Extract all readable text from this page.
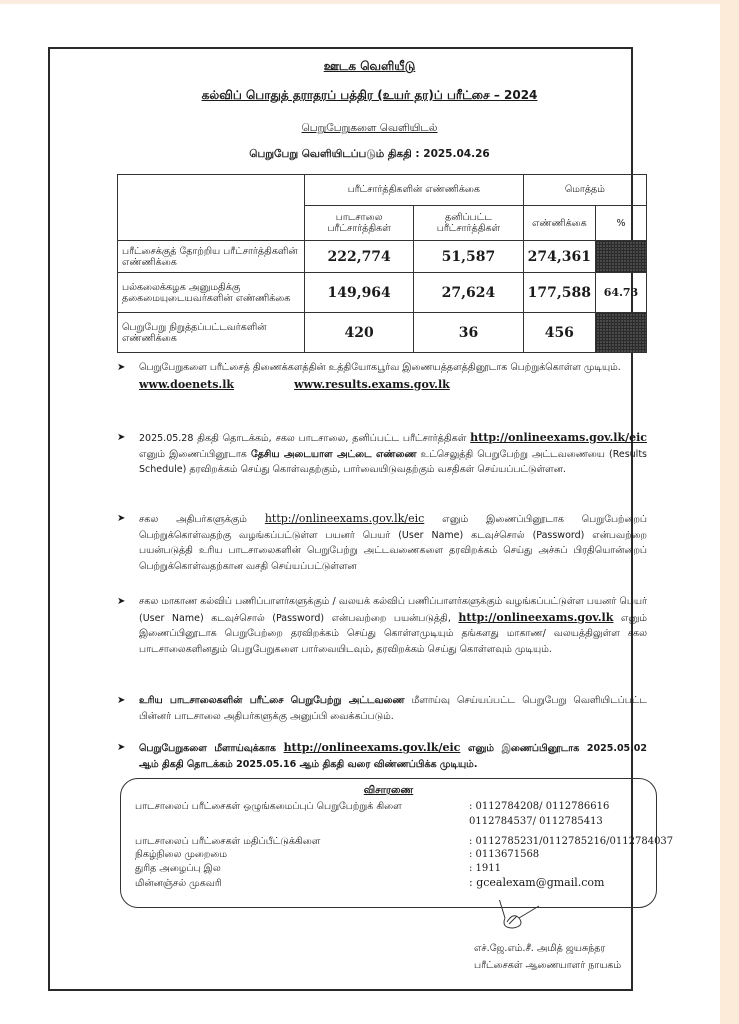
ஊடக வெளியீடு
கல்விப் பொதுத் தராதரப் பத்திர (உயர் தர)ப் பரீட்சை – 2024
பெறுபேறுகளை வெளியிடல்
பெறுபேறு வெளியிடப்படும் திகதி : 2025.04.26
	பரீட்சார்த்திகளின் எண்ணிக்கை		மொத்தம்	
	பாடசாலை பரீட்சார்த்திகள்	தனிப்பட்ட பரீட்சார்த்திகள்	எண்ணிக்கை	%
பரீட்சைக்குத் தோற்றிய பரீட்சார்த்திகளின் எண்ணிக்கை	222,774	51,587	274,361	
பல்கலைக்கழக அனுமதிக்கு தகைமையுடையவர்களின் எண்ணிக்கை	149,964	27,624	177,588	64.73
பெறுபேறு நிறுத்தப்பட்டவர்களின் எண்ணிக்கை	420	36	456	
➤ பெறுபேறுகளை பரீட்சைத் திணைக்களத்தின் உத்தியோகபூர்வ இணையத்தளத்தினூடாக பெற்றுக்கொள்ள முடியும்.
www.doenets.lk	www.results.exams.gov.lk
➤ 2025.05.28 திகதி தொடக்கம், சகல பாடசாலை, தனிப்பட்ட பரீட்சார்த்திகள் http://onlineexams.gov.lk/eic எனும் இணைப்பினூடாக தேசிய அடையாள அட்டை எண்ணை உட்செலுத்தி பெறுபேற்று அட்டவணையை (Results Schedule) தரவிறக்கம் செய்து கொள்வதற்கும், பார்வையிடுவதற்கும் வசதிகள் செய்யப்பட்டுள்ளன.
➤ சகல அதிபர்களுக்கும் http://onlineexams.gov.lk/eic எனும் இணைப்பினூடாக பெறுபேற்றைப் பெற்றுக்கொள்வதற்கு வழங்கப்பட்டுள்ள பயனர் பெயர் (User Name) கடவுச்சொல் (Password) என்பவற்றை பயன்படுத்தி உரிய பாடசாலைகளின் பெறுபேற்று அட்டவணைகளை தரவிறக்கம் செய்து அச்சுப் பிரதியொன்றைப் பெற்றுக்கொள்வதற்கான வசதி செய்யப்பட்டுள்ளன
➤ சகல மாகாண கல்விப் பணிப்பாளர்களுக்கும் / வலயக் கல்விப் பணிப்பாளர்களுக்கும் வழங்கப்பட்டுள்ள பயனர் பெயர் (User Name) கடவுச்சொல் (Password) என்பவற்றை பயன்படுத்தி, http://onlineexams.gov.lk எனும் இணைப்பினூடாக பெறுபேற்றை தரவிறக்கம் செய்து கொள்ளமுடியும் தங்களது மாகாண/ வலயத்திலுள்ள சகல பாடசாலைகளினதும் பெறுபேறுகளை பார்வையிடவும், தரவிறக்கம் செய்து கொள்ளவும் முடியும்.
➤ உரிய பாடசாலைகளின் பரீட்சை பெறுபேற்று அட்டவணை மீளாய்வு செய்யப்பட்ட பெறுபேறு வெளியிடப்பட்ட பின்னர் பாடசாலை அதிபர்களுக்கு அனுப்பி வைக்கப்படும்.
➤ பெறுபேறுகளை மீளாய்வுக்காக http://onlineexams.gov.lk/eic எனும் இணைப்பினூடாக 2025.05.02 ஆம் திகதி தொடக்கம் 2025.05.16 ஆம் திகதி வரை விண்ணப்பிக்க முடியும்.
விசாரணை
பாடசாலைப் பரீட்சைகள் ஒழுங்கமைப்புப் பெறுபேற்றுக் கிளை	: 0112784208/ 0112786616
0112784537/ 0112785413
பாடசாலைப் பரீட்சைகள் மதிப்பீட்டுக்கிளை	: 0112785231/0112785216/0112784037
நிகழ்நிலை முறைமை	: 0113671568
துரித அழைப்பு இல	: 1911
மின்னஞ்சல் முகவரி	: gcealexam@gmail.com
எச்.ஜே.எம்.சீ. அமித் ஜயசுந்தர
பரீட்சைகள் ஆணையாளர் நாயகம்
